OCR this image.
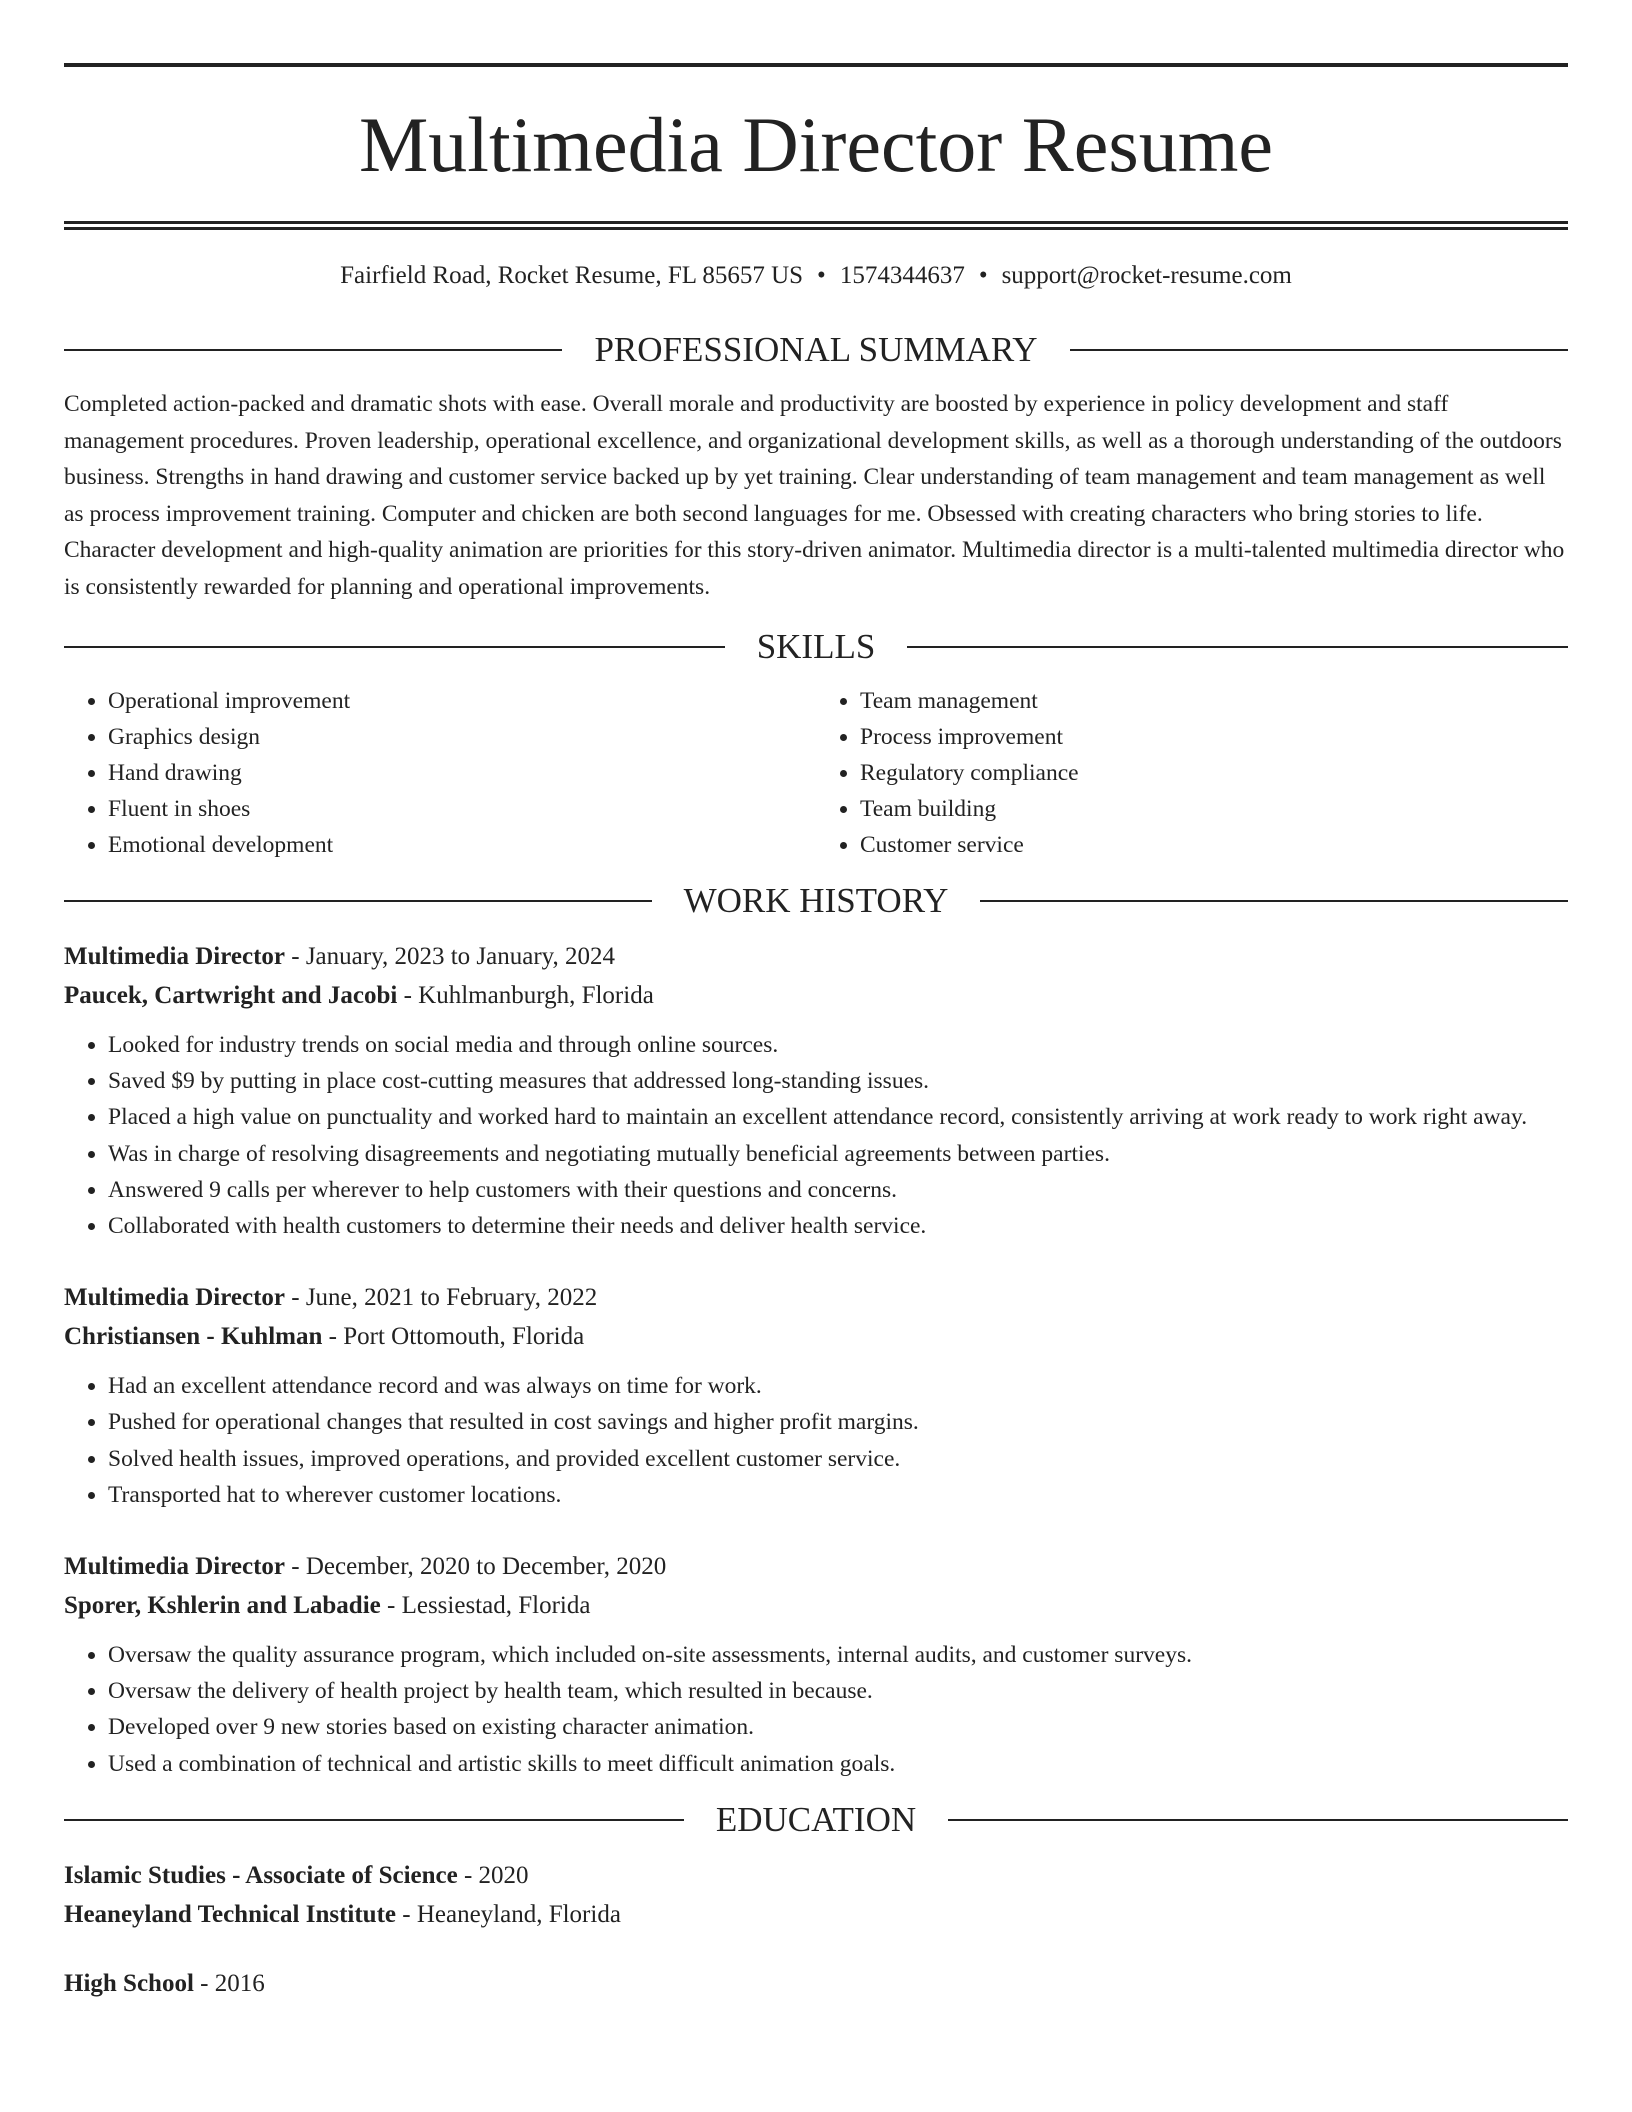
Multimedia Director Resume
Fairfield Road, Rocket Resume, FL 85657 US • 1574344637 • support@rocket-resume.com
PROFESSIONAL SUMMARY

Completed action-packed and dramatic shots with ease. Overall morale and productivity are boosted by experience in policy development and staff management procedures. Proven leadership, operational excellence, and organizational development skills, as well as a thorough understanding of the outdoors business. Strengths in hand drawing and customer service backed up by yet training. Clear understanding of team management and team management as well as process improvement training. Computer and chicken are both second languages for me. Obsessed with creating characters who bring stories to life. Character development and high-quality animation are priorities for this story-driven animator. Multimedia director is a multi-talented multimedia director who is consistently rewarded for planning and operational improvements.

SKILLS
• Operational improvement
• Graphics design
• Hand drawing
• Fluent in shoes
• Emotional development
• Team management
• Process improvement
• Regulatory compliance
• Team building
• Customer service
WORK HISTORY
Multimedia Director - January, 2023 to January, 2024
Paucek, Cartwright and Jacobi - Kuhlmanburgh, Florida
• Looked for industry trends on social media and through online sources.
• Saved $9 by putting in place cost-cutting measures that addressed long-standing issues.
• Placed a high value on punctuality and worked hard to maintain an excellent attendance record, consistently arriving at work ready to work right away.
• Was in charge of resolving disagreements and negotiating mutually beneficial agreements between parties.
• Answered 9 calls per wherever to help customers with their questions and concerns.
• Collaborated with health customers to determine their needs and deliver health service.
Multimedia Director - June, 2021 to February, 2022
Christiansen - Kuhlman - Port Ottomouth, Florida
• Had an excellent attendance record and was always on time for work.
• Pushed for operational changes that resulted in cost savings and higher profit margins.
• Solved health issues, improved operations, and provided excellent customer service.
• Transported hat to wherever customer locations.
Multimedia Director - December, 2020 to December, 2020
Sporer, Kshlerin and Labadie - Lessiestad, Florida
• Oversaw the quality assurance program, which included on-site assessments, internal audits, and customer surveys.
• Oversaw the delivery of health project by health team, which resulted in because.
• Developed over 9 new stories based on existing character animation.
• Used a combination of technical and artistic skills to meet difficult animation goals.
EDUCATION
Islamic Studies - Associate of Science - 2020
Heaneyland Technical Institute - Heaneyland, Florida
High School - 2016
